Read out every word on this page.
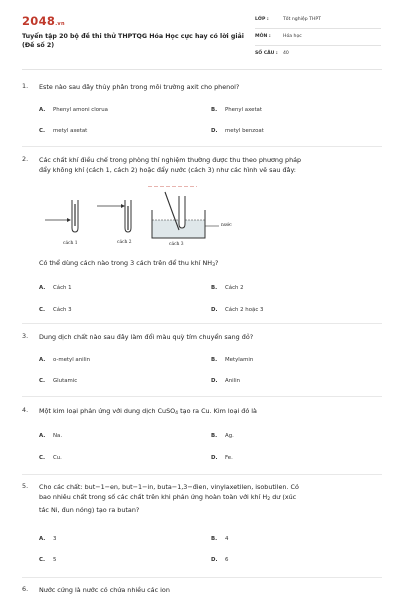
2048.vn
Tuyển tập 20 bộ đề thi thử THPTQG Hóa Học cực hay có lời giải (Đề số 2)
LỚP :	Tốt nghiệp THPT
MÔN :	Hóa học
SỐ CÂU : 40
1. Este nào sau đây thủy phân trong môi trường axit cho phenol?
A. Phenyl amoni clorua	B. Phenyl axetat
C. metyl axetat	D. metyl benzoat
2. Các chất khí điều chế trong phòng thí nghiệm thường được thu theo phương pháp
đẩy không khí (cách 1, cách 2) hoặc đẩy nước (cách 3) như các hình vẽ sau đây:
cách 1	cách 2	cách 3
nước
Có thể dùng cách nào trong 3 cách trên để thu khí $NH_3$?
A. Cách 1	B. Cách 2
C. Cách 3	D. Cách 2 hoặc 3
3. Dung dịch chất nào sau đây làm đổi màu quỳ tím chuyển sang đỏ?
A. o-metyl anilin	B. Metylamin
C. Glutamic	D. Anilin
4. Một kim loại phản ứng với dung dịch CuSO$_4$ tạo ra Cu. Kim loại đó là
A. Na.	B. Ag.
C. Cu.	D. Fe.
5. Cho các chất: but−1−en, but−1−in, buta−1,3−đien, vinylaxetilen, isobutilen. Có
bao nhiêu chất trong số các chất trên khi phản ứng hoàn toàn với khí $H_2$ dư (xúc
tác Ni, đun nóng) tạo ra butan?
A. 3	B. 4
C. 5	D. 6
6. Nước cứng là nước có chứa nhiều các ion
